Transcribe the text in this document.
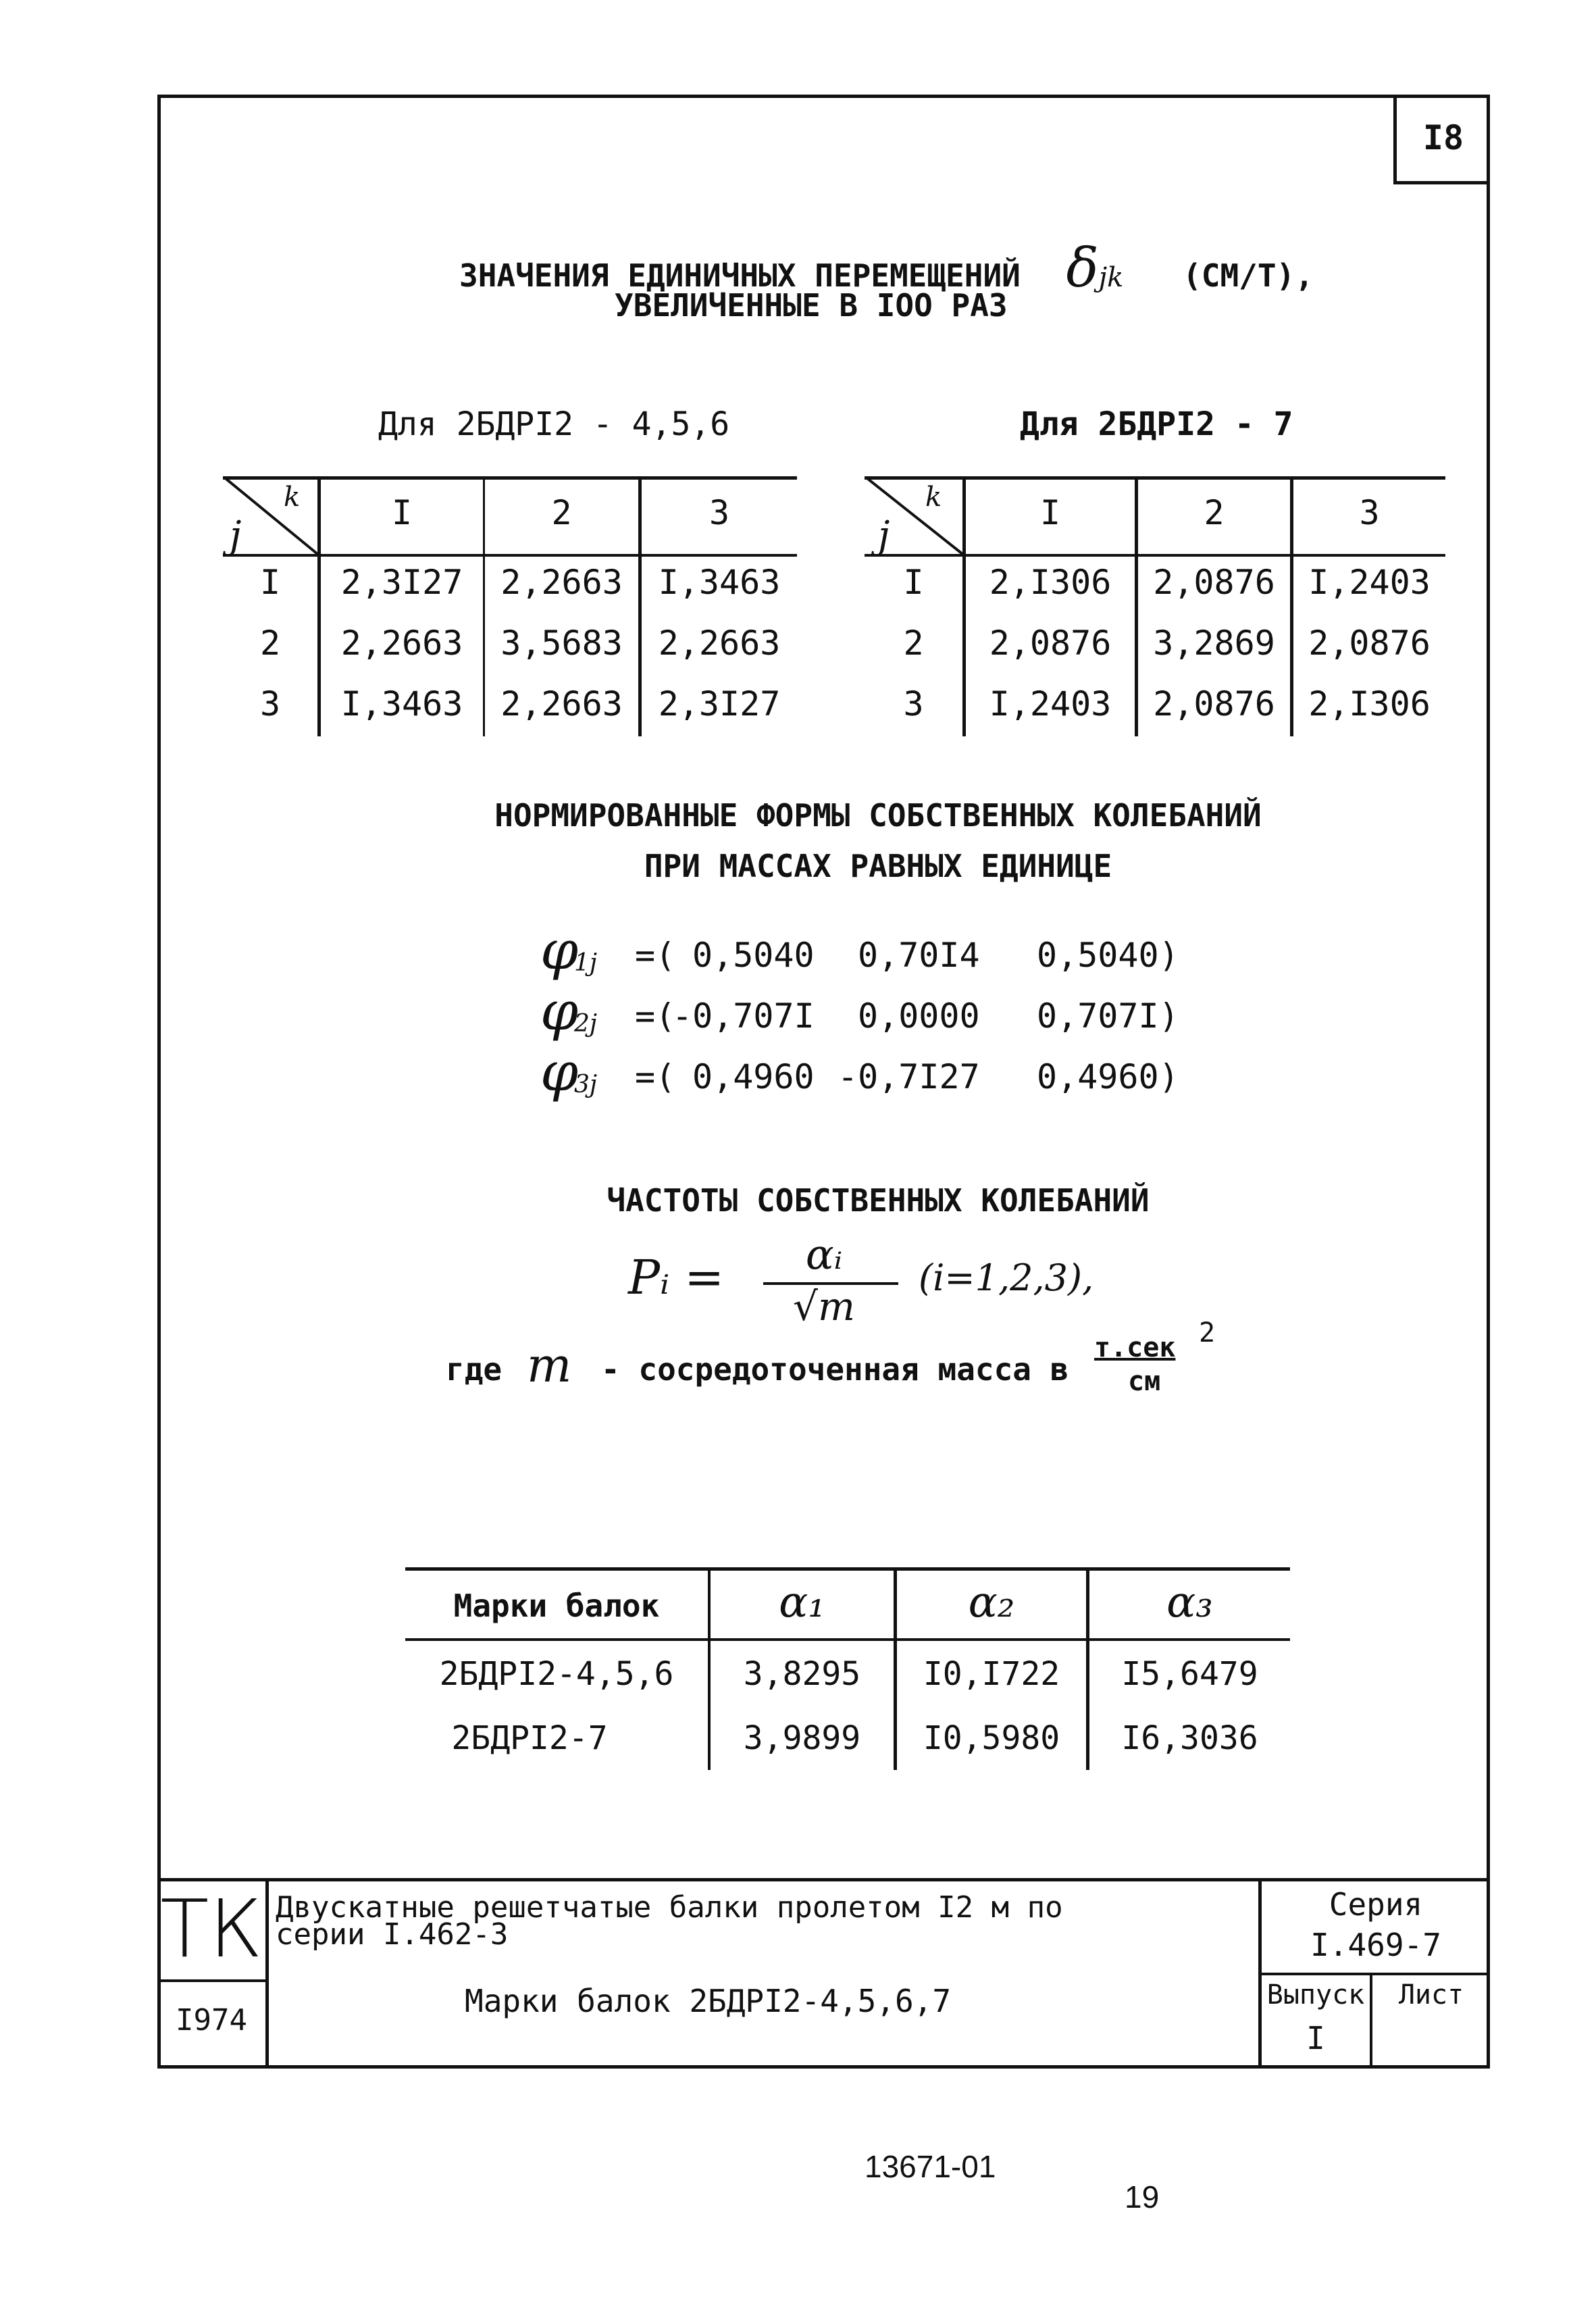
I8
ЗНАЧЕНИЯ ЕДИНИЧНЫХ ПЕРЕМЕЩЕНИЙ δjk (СМ/Т),
УВЕЛИЧЕННЫЕ В IOO РАЗ
Для 2БДРI2 - 4,5,6	Для 2БДРI2 - 7
k
j
I	2	3
I	2,3I27	2,2663	I,3463
2	2,2663	3,5683	2,2663
3	I,3463	2,2663	2,3I27
k
j
I	2	3
I	2,I306	2,0876 I,2403
2	2,0876	3,2869 2,0876
3	I,2403	2,0876 2,I306
НОРМИРОВАННЫЕ ФОРМЫ СОБСТВЕННЫХ КОЛЕБАНИЙ
ПРИ МАССАХ РАВНЫХ ЕДИНИЦЕ
φ
1j =( 0,5040 0,70I4 0,5040)
φ
2j =(
-0,707I 0,0000 0,707I)
φ
3j =( 0,4960 -0,7I27 0,4960)
ЧАСТОТЫ СОБСТВЕННЫХ КОЛЕБАНИЙ
Pᵢ =	αᵢ
√m
(i=1,2,3),
где m - сосредоточенная масса в
т.сек 2
см
Марки балок	α₁	α₂	α₃
2БДРI2-4,5,6	3,8295	I0,I722	I5,6479
2БДРI2-7	3,9899	I0,5980	I6,3036
ТК
I974
Двускатные решетчатые балки пролетом I2 м по
серии I.462-3
Марки балок 2БДРI2-4,5,6,7
Серия
I.469-7
Выпуск
I
Лист
13671-01
19
